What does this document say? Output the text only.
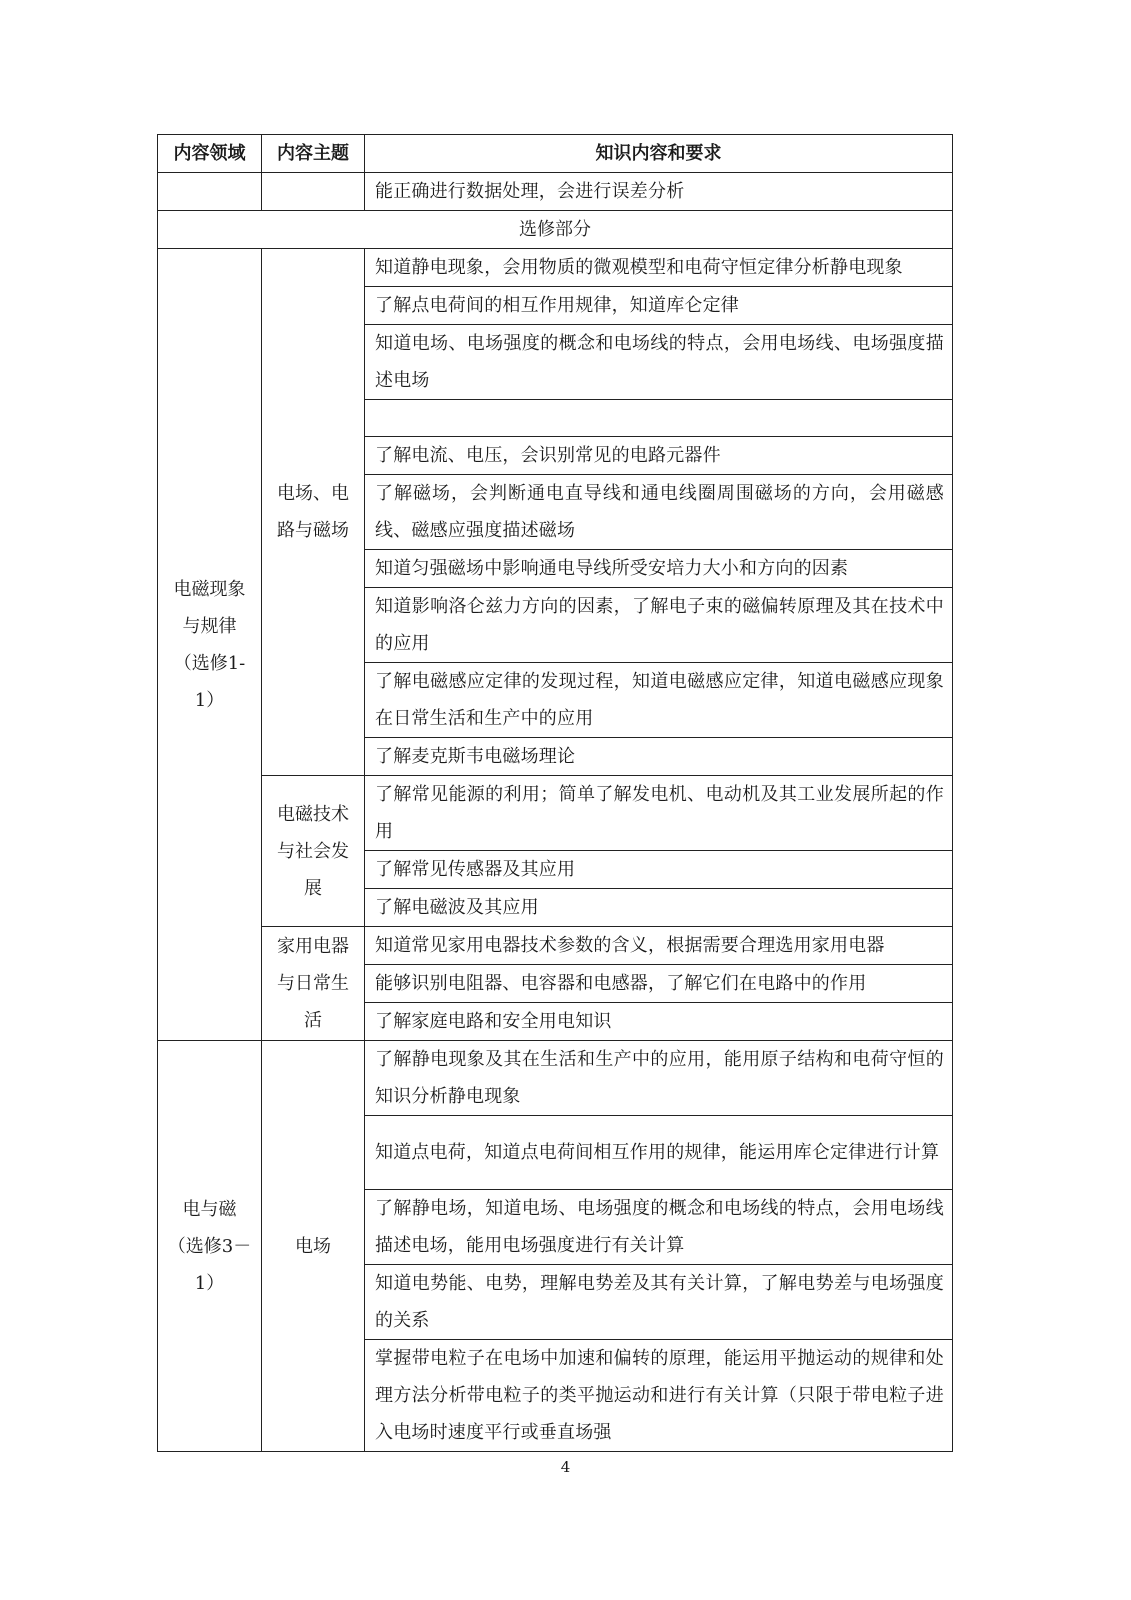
内容领域	内容主题	知识内容和要求
		能正确进行数据处理，会进行误差分析
选修部分		

电磁现象与规律（选修1-1）	电场、电路与磁场	知道静电现象，会用物质的微观模型和电荷守恒定律分析静电现象
		了解点电荷间的相互作用规律，知道库仑定律
		知道电场、电场强度的概念和电场线的特点，会用电场线、电场强度描述电场

		了解电流、电压，会识别常见的电路元器件
		了解磁场，会判断通电直导线和通电线圈周围磁场的方向，会用磁感线、磁感应强度描述磁场
		知道匀强磁场中影响通电导线所受安培力大小和方向的因素
		知道影响洛仑兹力方向的因素，了解电子束的磁偏转原理及其在技术中的应用
		了解电磁感应定律的发现过程，知道电磁感应定律，知道电磁感应现象在日常生活和生产中的应用
		了解麦克斯韦电磁场理论

	电磁技术与社会发展	了解常见能源的利用；简单了解发电机、电动机及其工业发展所起的作用
		了解常见传感器及其应用
		了解电磁波及其应用

	家用电器与日常生活	知道常见家用电器技术参数的含义，根据需要合理选用家用电器
		能够识别电阻器、电容器和电感器，了解它们在电路中的作用
		了解家庭电路和安全用电知识

电与磁（选修3－1）	电场	了解静电现象及其在生活和生产中的应用，能用原子结构和电荷守恒的知识分析静电现象
		知道点电荷，知道点电荷间相互作用的规律，能运用库仑定律进行计算
		了解静电场，知道电场、电场强度的概念和电场线的特点，会用电场线描述电场，能用电场强度进行有关计算
		知道电势能、电势，理解电势差及其有关计算，了解电势差与电场强度的关系
		掌握带电粒子在电场中加速和偏转的原理，能运用平抛运动的规律和处理方法分析带电粒子的类平抛运动和进行有关计算（只限于带电粒子进入电场时速度平行或垂直场强
4
